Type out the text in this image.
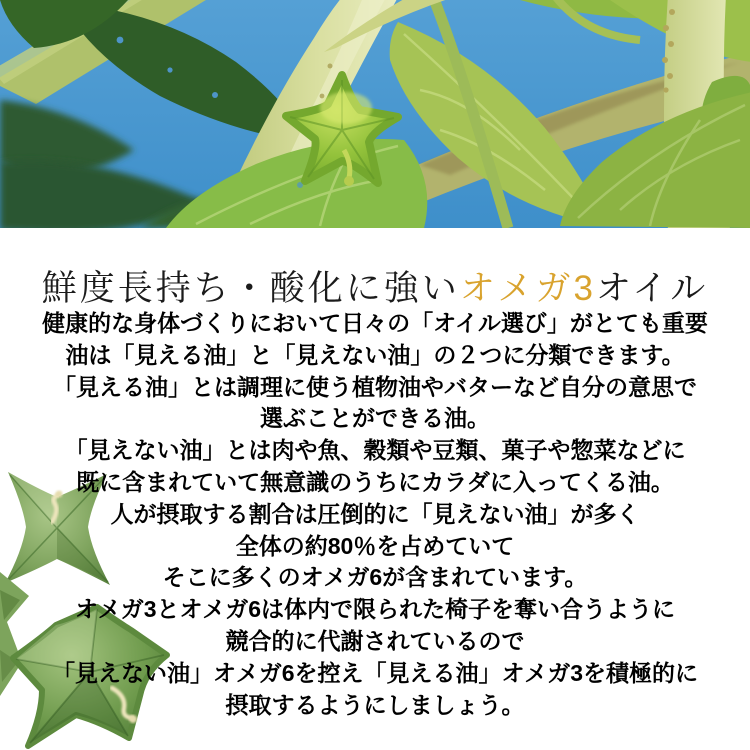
鮮度長持ち・酸化に強いオメガ3オイル
健康的な身体づくりにおいて日々の「オイル選び」がとても重要
油は「見える油」と「見えない油」の２つに分類できます。
「見える油」とは調理に使う植物油やバターなど自分の意思で
選ぶことができる油。
「見えない油」とは肉や魚、穀類や豆類、菓子や惣菜などに
既に含まれていて無意識のうちにカラダに入ってくる油。
人が摂取する割合は圧倒的に「見えない油」が多く
全体の約80％を占めていて
そこに多くのオメガ6が含まれています。
オメガ3とオメガ6は体内で限られた椅子を奪い合うように
競合的に代謝されているので
「見えない油」オメガ6を控え「見える油」オメガ3を積極的に
摂取するようにしましょう。
